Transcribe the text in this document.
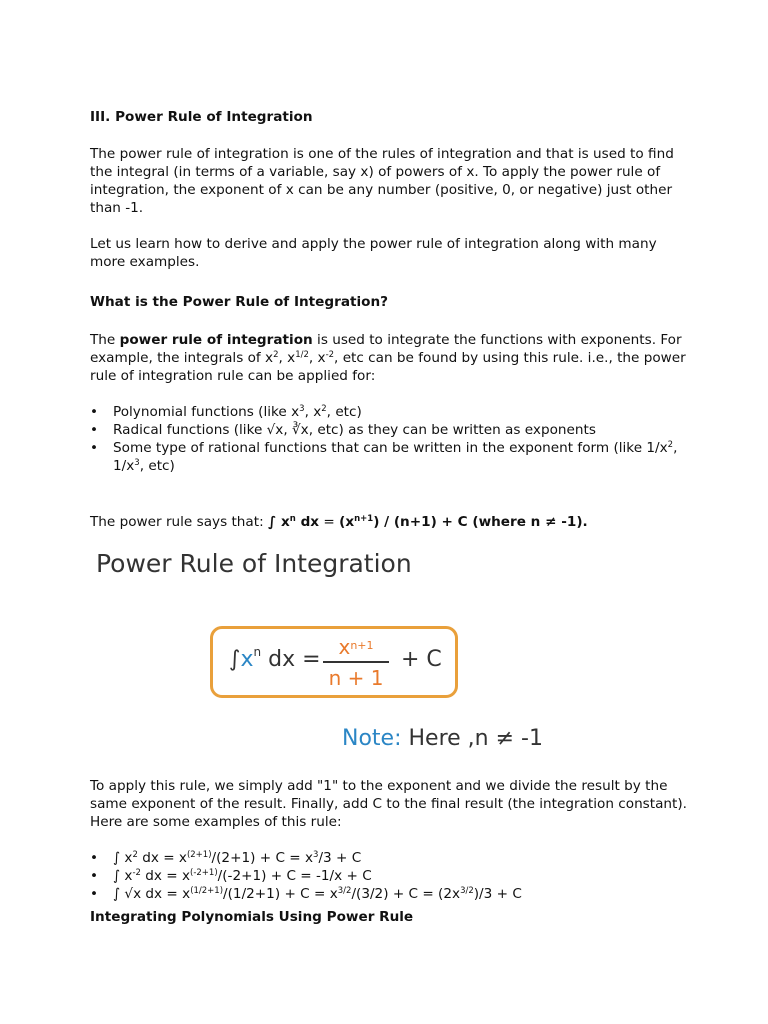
III. Power Rule of Integration

The power rule of integration is one of the rules of integration and that is used to find the integral (in terms of a variable, say x) of powers of x. To apply the power rule of integration, the exponent of x can be any number (positive, 0, or negative) just other than -1.

Let us learn how to derive and apply the power rule of integration along with many more examples.

What is the Power Rule of Integration?

The power rule of integration is used to integrate the functions with exponents. For example, the integrals of $x^2$, $x^{1/2}$, $x^{-2}$, etc can be found by using this rule. i.e., the power rule of integration rule can be applied for:

• Polynomial functions (like $x^3$, $x^2$, etc)
• Radical functions (like √x, ∛x, etc) as they can be written as exponents
• Some type of rational functions that can be written in the exponent form (like $1/x^2$, $1/x^3$, etc)

The power rule says that: ∫ $x^n$ dx = $(x^{n+1}) / (n+1) + C$ (where n ≠ -1).

To apply this rule, we simply add "1" to the exponent and we divide the result by the same exponent of the result. Finally, add C to the final result (the integration constant). Here are some examples of this rule:

• ∫ $x^2$ dx = $x^{(2+1)}/(2+1) + C = x^3/3 + C$
• ∫ $x^{-2}$ dx = $x^{(-2+1)}/(-2+1) + C = -1/x + C$
• ∫ √x dx = $x^{(1/2+1)}/(1/2+1) + C = x^{3/2}/(3/2) + C = (2x^{3/2})/3 + C$

Integrating Polynomials Using Power Rule

Power Rule of Integration
$\int x^n$ dx = $x^{n+1}$
n + 1
+ C
Note: Here ,n ≠ -1
